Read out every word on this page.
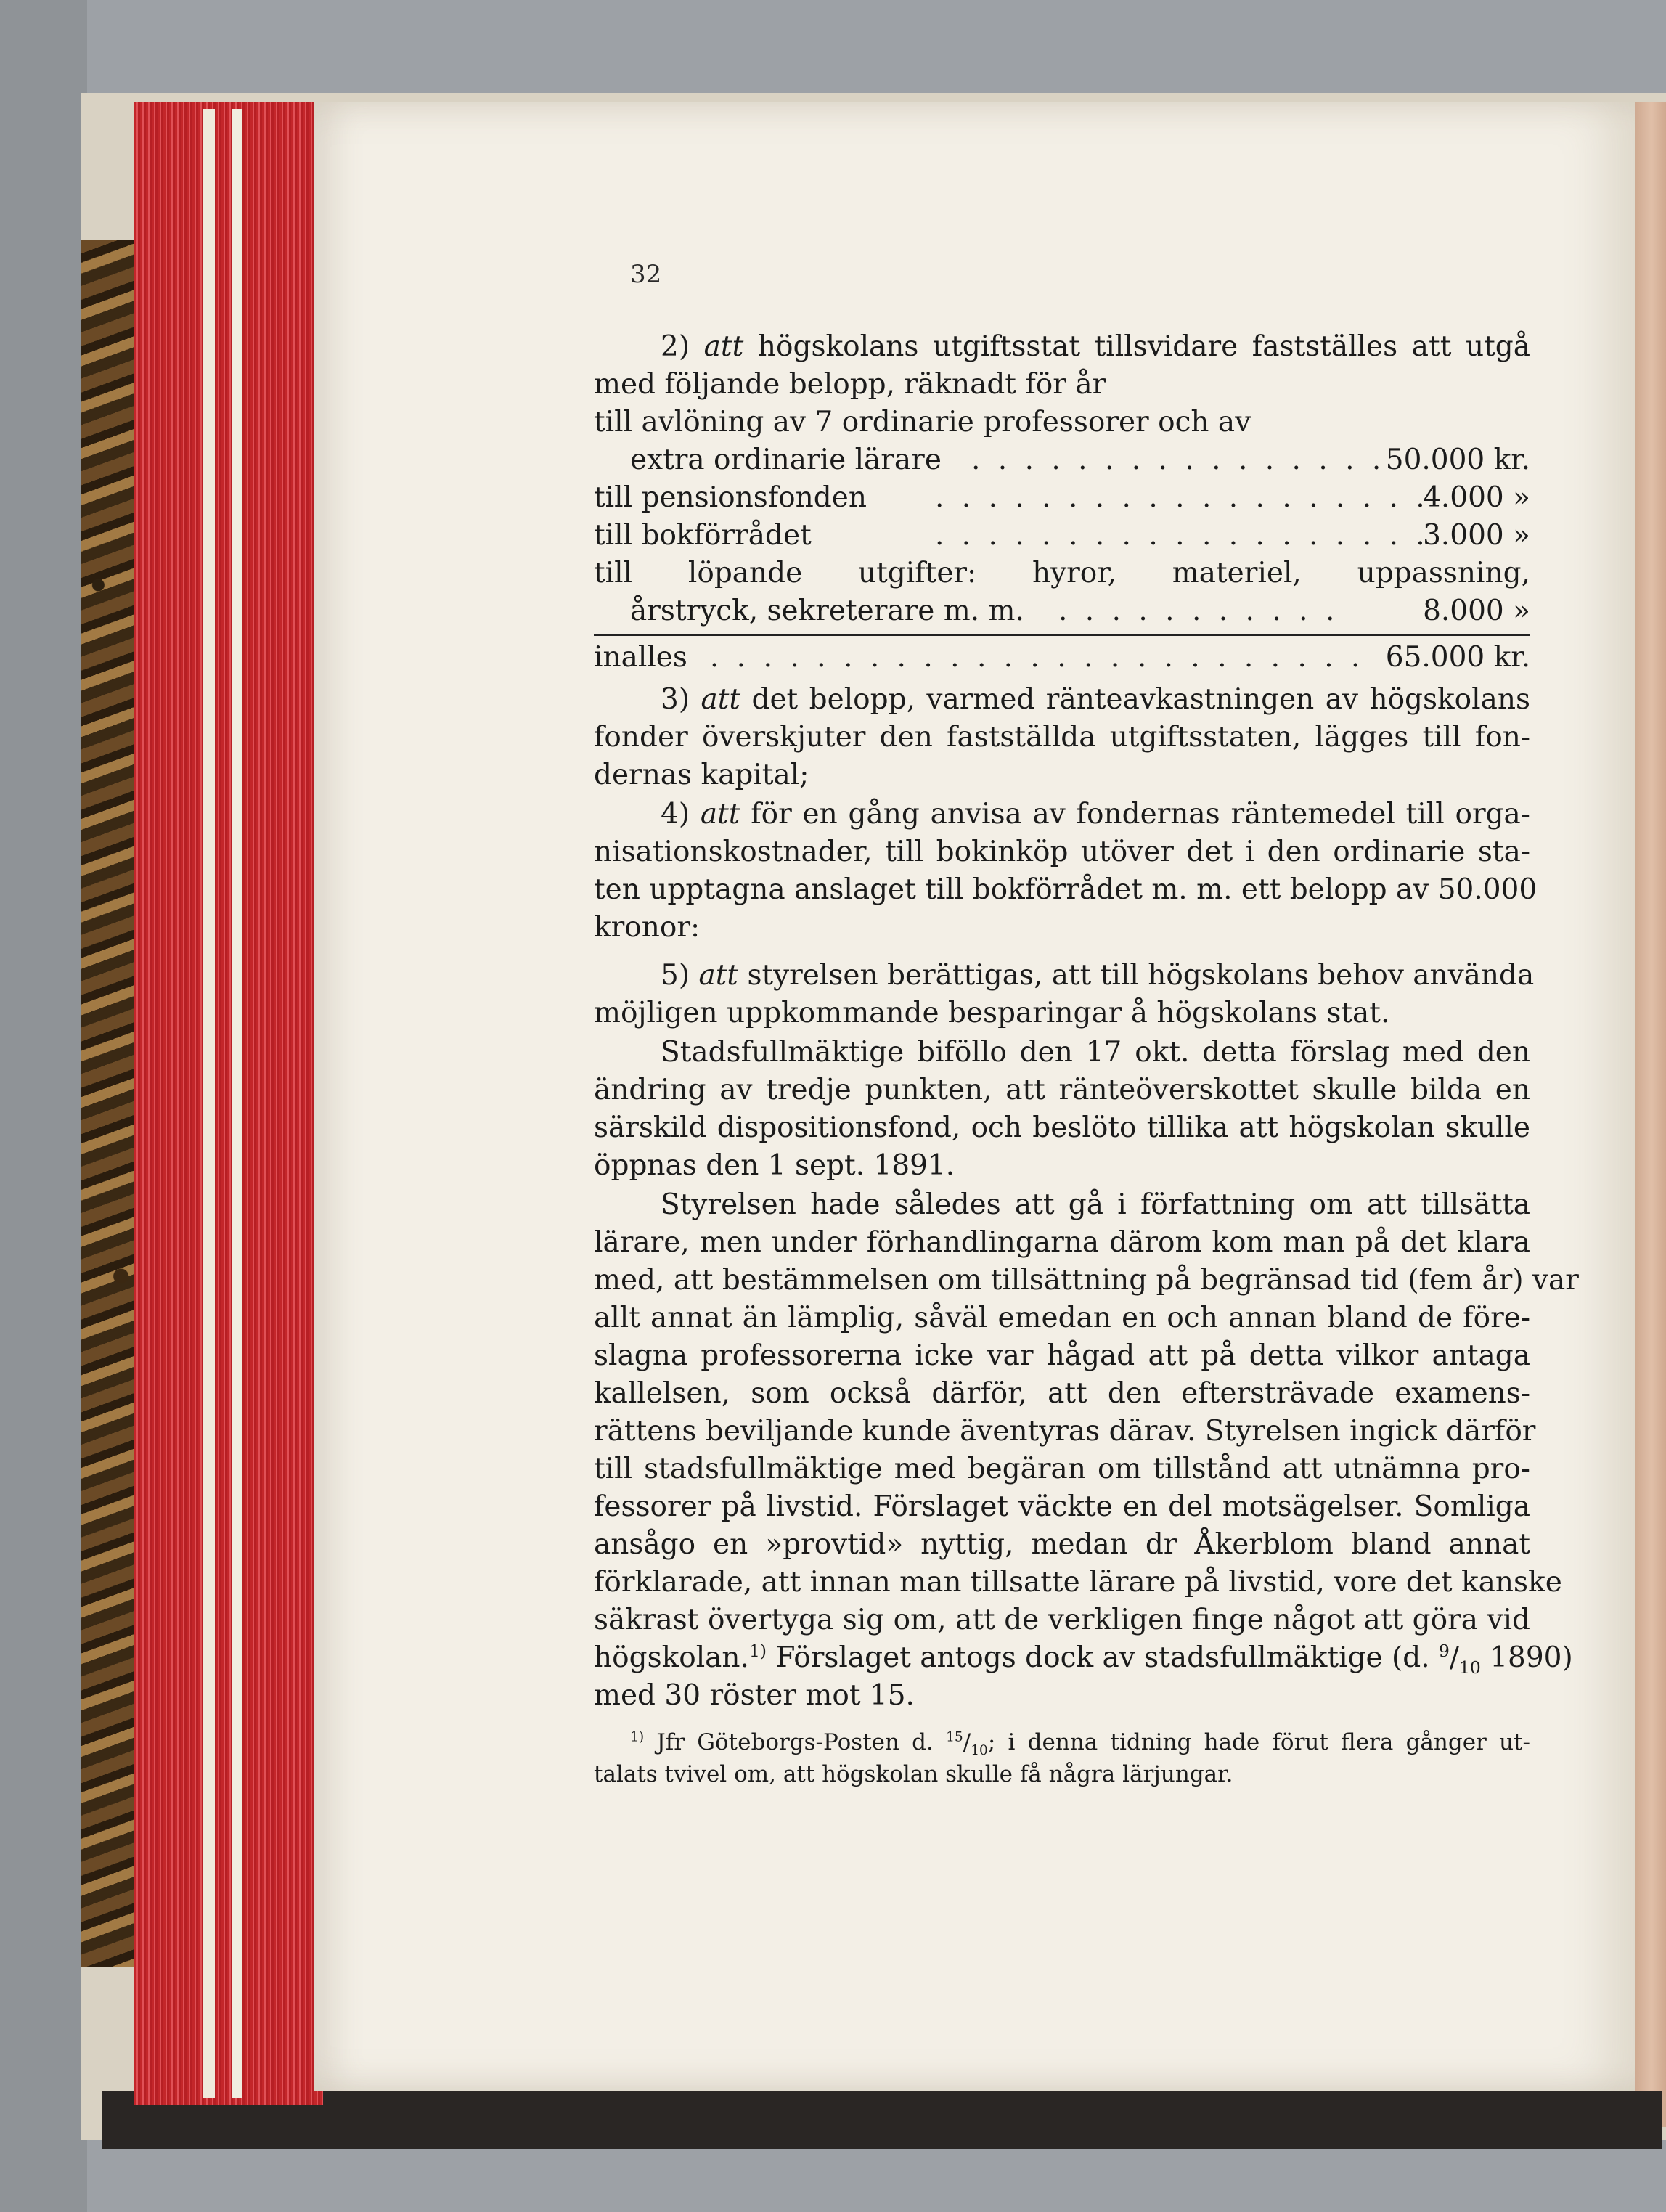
32
2) att högskolans utgiftsstat tillsvidare fastställes att utgå
med följande belopp, räknadt för år
till avlöning av 7 ordinarie professorer och av
extra ordinarie lärare . . . . . . . . . . . . . . . . 50.000 kr.
till pensionsfonden . . . . . . . . . . . . . . . . . . .
4.000 »
till bokförrådet	. . . . . . . . . . . . . . . . . . .
3.000 »
till löpande utgifter: hyror, materiel, uppassning,
årstryck, sekreterare m. m. . . . . . . . . . . .	8.000 »
inalles . . . . . . . . . . . . . . . . . . . . . . . . . 65.000 kr.
3) att det belopp, varmed ränteavkastningen av högskolans
fonder överskjuter den fastställda utgiftsstaten, lägges till fon-
dernas kapital;
4) att för en gång anvisa av fondernas räntemedel till orga-
nisationskostnader, till bokinköp utöver det i den ordinarie sta-
ten upptagna anslaget till bokförrådet m. m. ett belopp av 50.000
kronor:
5) att styrelsen berättigas, att till högskolans behov använda
möjligen uppkommande besparingar å högskolans stat.
Stadsfullmäktige biföllo den 17 okt. detta förslag med den
ändring av tredje punkten, att ränteöverskottet skulle bilda en
särskild dispositionsfond, och beslöto tillika att högskolan skulle
öppnas den 1 sept. 1891.
Styrelsen hade således att gå i författning om att tillsätta
lärare, men under förhandlingarna därom kom man på det klara
med, att bestämmelsen om tillsättning på begränsad tid (fem år) var
allt annat än lämplig, såväl emedan en och annan bland de före-
slagna professorerna icke var hågad att på detta vilkor antaga
kallelsen, som också därför, att den eftersträvade examens-
rättens beviljande kunde äventyras därav. Styrelsen ingick därför
till stadsfullmäktige med begäran om tillstånd att utnämna pro-
fessorer på livstid. Förslaget väckte en del motsägelser. Somliga
ansågo en »provtid» nyttig, medan dr Åkerblom bland annat
förklarade, att innan man tillsatte lärare på livstid, vore det kanske
säkrast övertyga sig om, att de verkligen finge något att göra vid
högskolan.$^{1)}$ Förslaget antogs dock av stadsfullmäktige (d. $^9/_{10}$ 1890)
med 30 röster mot 15.
$^{1)}$ Jfr Göteborgs-Posten d. $^{15}/_{10}$; i denna tidning hade förut flera gånger ut-
talats tvivel om, att högskolan skulle få några lärjungar.
